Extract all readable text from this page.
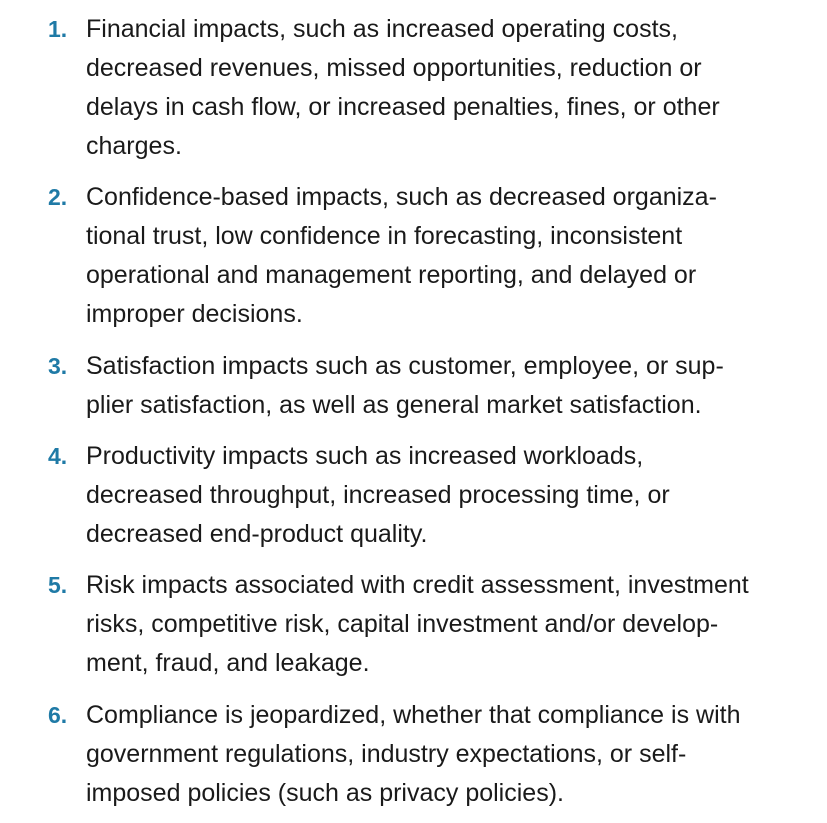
1. Financial impacts, such as increased operating costs,
decreased revenues, missed opportunities, reduction or
delays in cash flow, or increased penalties, fines, or other
charges.
2. Confidence-based impacts, such as decreased organiza-
tional trust, low confidence in forecasting, inconsistent
operational and management reporting, and delayed or
improper decisions.
3. Satisfaction impacts such as customer, employee, or sup-
plier satisfaction, as well as general market satisfaction.
4. Productivity impacts such as increased workloads,
decreased throughput, increased processing time, or
decreased end-product quality.
5. Risk impacts associated with credit assessment, investment
risks, competitive risk, capital investment and/or develop-
ment, fraud, and leakage.
6. Compliance is jeopardized, whether that compliance is with
government regulations, industry expectations, or self-
imposed policies (such as privacy policies).
